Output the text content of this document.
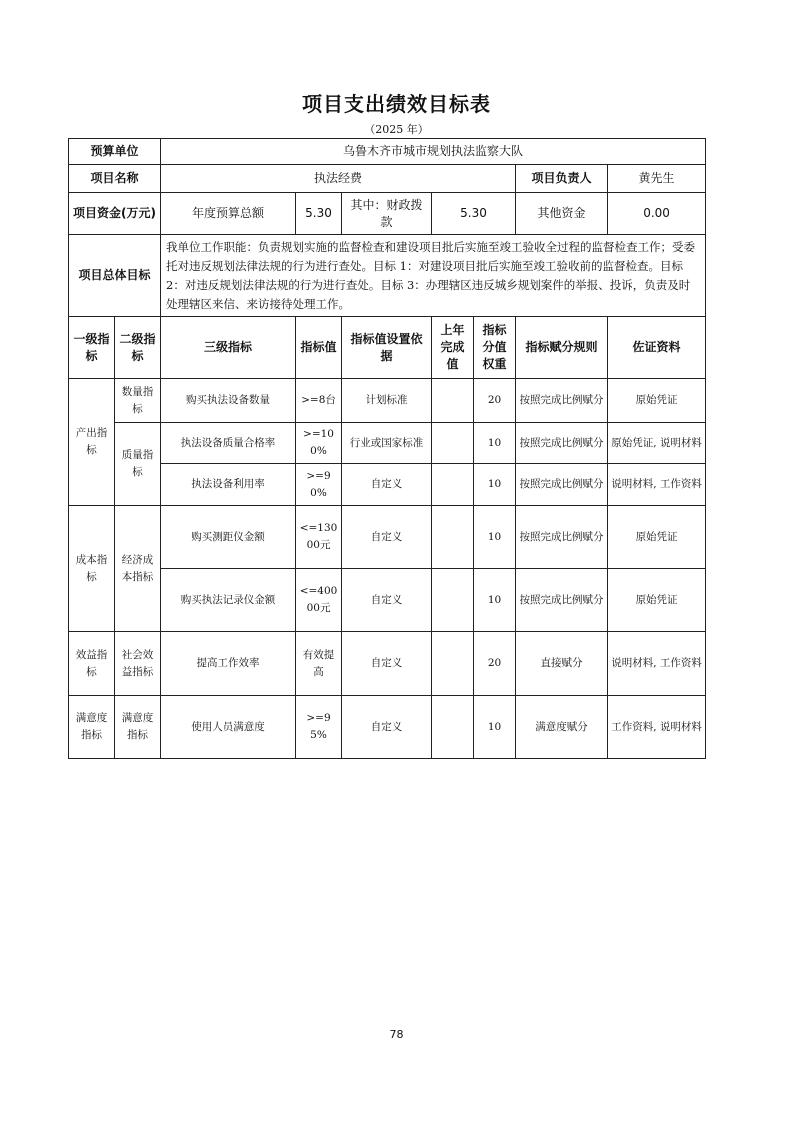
项目支出绩效目标表
（2025 年）
预算单位		乌鲁木齐市城市规划执法监察大队						
项目名称		执法经费					项目负责人	黄先生
项目资金(万元)		年度预算总额	5.30	其中：财政拨款	5.30		其他资金	0.00
项目总体目标		我单位工作职能：负责规划实施的监督检查和建设项目批后实施至竣工验收全过程的监督检查工作；受委托对违反规划法律法规的行为进行查处。目标 1：对建设项目批后实施至竣工验收前的监督检查。目标 2：对违反规划法律法规的行为进行查处。目标 3：办理辖区违反城乡规划案件的举报、投诉，负责及时处理辖区来信、来访接待处理工作。						
一级指标	二级指标	三级指标	指标值	指标值设置依据	上年完成值	指标分值权重	指标赋分规则	佐证资料
产出指标	数量指标	购买执法设备数量	>=8台	计划标准		20	按照完成比例赋分	原始凭证
	质量指标	执法设备质量合格率	>=100%	行业或国家标准		10	按照完成比例赋分	原始凭证, 说明材料
		执法设备利用率	>=90%	自定义		10	按照完成比例赋分	说明材料, 工作资料
成本指标	经济成本指标	购买测距仪金额	<=13000元	自定义		10	按照完成比例赋分	原始凭证
		购买执法记录仪金额	<=40000元	自定义		10	按照完成比例赋分	原始凭证
效益指标	社会效益指标	提高工作效率	有效提高	自定义		20	直接赋分	说明材料, 工作资料
满意度指标	满意度指标	使用人员满意度	>=95%	自定义		10	满意度赋分	工作资料, 说明材料
78
